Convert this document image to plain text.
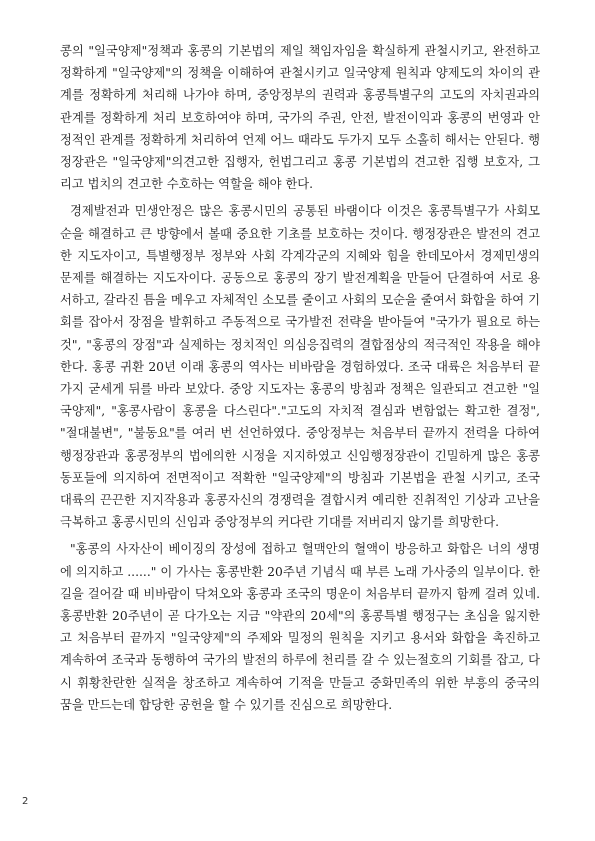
콩의 "일국양제"정책과 홍콩의 기본법의 제일 책임자임을 확실하게 관철시키고, 완전하고 정확하게 "일국양제"의 정책을 이해하여 관철시키고 일국양제 원칙과 양제도의 차이의 관계를 정확하게 처리해 나가야 하며, 중앙정부의 권력과 홍콩특별구의 고도의 자치권과의 관계를 정확하게 처리 보호하여야 하며, 국가의 주권, 안전, 발전이익과 홍콩의 번영과 안정적인 관계를 정확하게 처리하여 언제 어느 때라도 두가지 모두 소홀히 해서는 안된다. 행정장관은 "일국양제"의견고한 집행자, 헌법그리고 홍콩 기본법의 견고한 집행 보호자, 그리고 법치의 견고한 수호하는 역할을 해야 한다.

경제발전과 민생안정은 많은 홍콩시민의 공통된 바램이다 이것은 홍콩특별구가 사회모순을 해결하고 큰 방향에서 볼때 중요한 기초를 보호하는 것이다. 행정장관은 발전의 견고한 지도자이고, 특별행정부 정부와 사회 각계각군의 지혜와 힘을 한데모아서 경제민생의 문제를 해결하는 지도자이다. 공동으로 홍콩의 장기 발전계획을 만들어 단결하여 서로 용서하고, 갈라진 틈을 메우고 자체적인 소모를 줄이고 사회의 모순을 줄여서 화합을 하여 기회를 잡아서 장점을 발휘하고 주동적으로 국가발전 전략을 받아들여 "국가가 필요로 하는 것", "홍콩의 장점"과 실제하는 정치적인 의심응집력의 결합점상의 적극적인 작용을 해야한다. 홍콩 귀환 20년 이래 홍콩의 역사는 비바람을 경험하였다. 조국 대륙은 처음부터 끝가지 굳세게 뒤를 바라 보았다. 중앙 지도자는 홍콩의 방침과 정책은 일관되고 견고한 "일국양제", "홍콩사람이 홍콩을 다스린다"."고도의 자치적 결심과 변함없는 확고한 결정", "절대불변", "불동요"를 여러 번 선언하였다. 중앙정부는 처음부터 끝까지 전력을 다하여 행정장관과 홍콩정부의 법에의한 시정을 지지하였고 신임행정장관이 긴밀하게 많은 홍콩동포들에 의지하여 전면적이고 적확한 "일국양제"의 방침과 기본법을 관철 시키고, 조국 대륙의 끈끈한 지지작용과 홍콩자신의 경쟁력을 결합시켜 예리한 진취적인 기상과 고난을 극복하고 홍콩시민의 신임과 중앙정부의 커다란 기대를 저버리지 않기를 희망한다.

"홍콩의 사자산이 베이징의 장성에 접하고 혈맥안의 혈액이 방응하고 화합은 너의 생명에 의지하고 ......" 이 가사는 홍콩반환 20주년 기념식 때 부른 노래 가사중의 일부이다. 한길을 걸어갈 때 비바람이 닥쳐오와 홍콩과 조국의 명운이 처음부터 끝까지 함께 걸려 있네. 홍콩반환 20주년이 곧 다가오는 지금 "약관의 20세"의 홍콩특별 행정구는 초심을 잃지한고 처음부터 끝까지 "일국양제"의 주제와 밀정의 원칙을 지키고 용서와 화합을 촉진하고 계속하여 조국과 동행하여 국가의 발전의 하루에 천리를 갈 수 있는절호의 기회를 잡고, 다시 휘황찬란한 실적을 창조하고 계속하여 기적을 만들고 중화민족의 위한 부흥의 중국의 꿈을 만드는데 합당한 공헌을 할 수 있기를 진심으로 희망한다.

2
